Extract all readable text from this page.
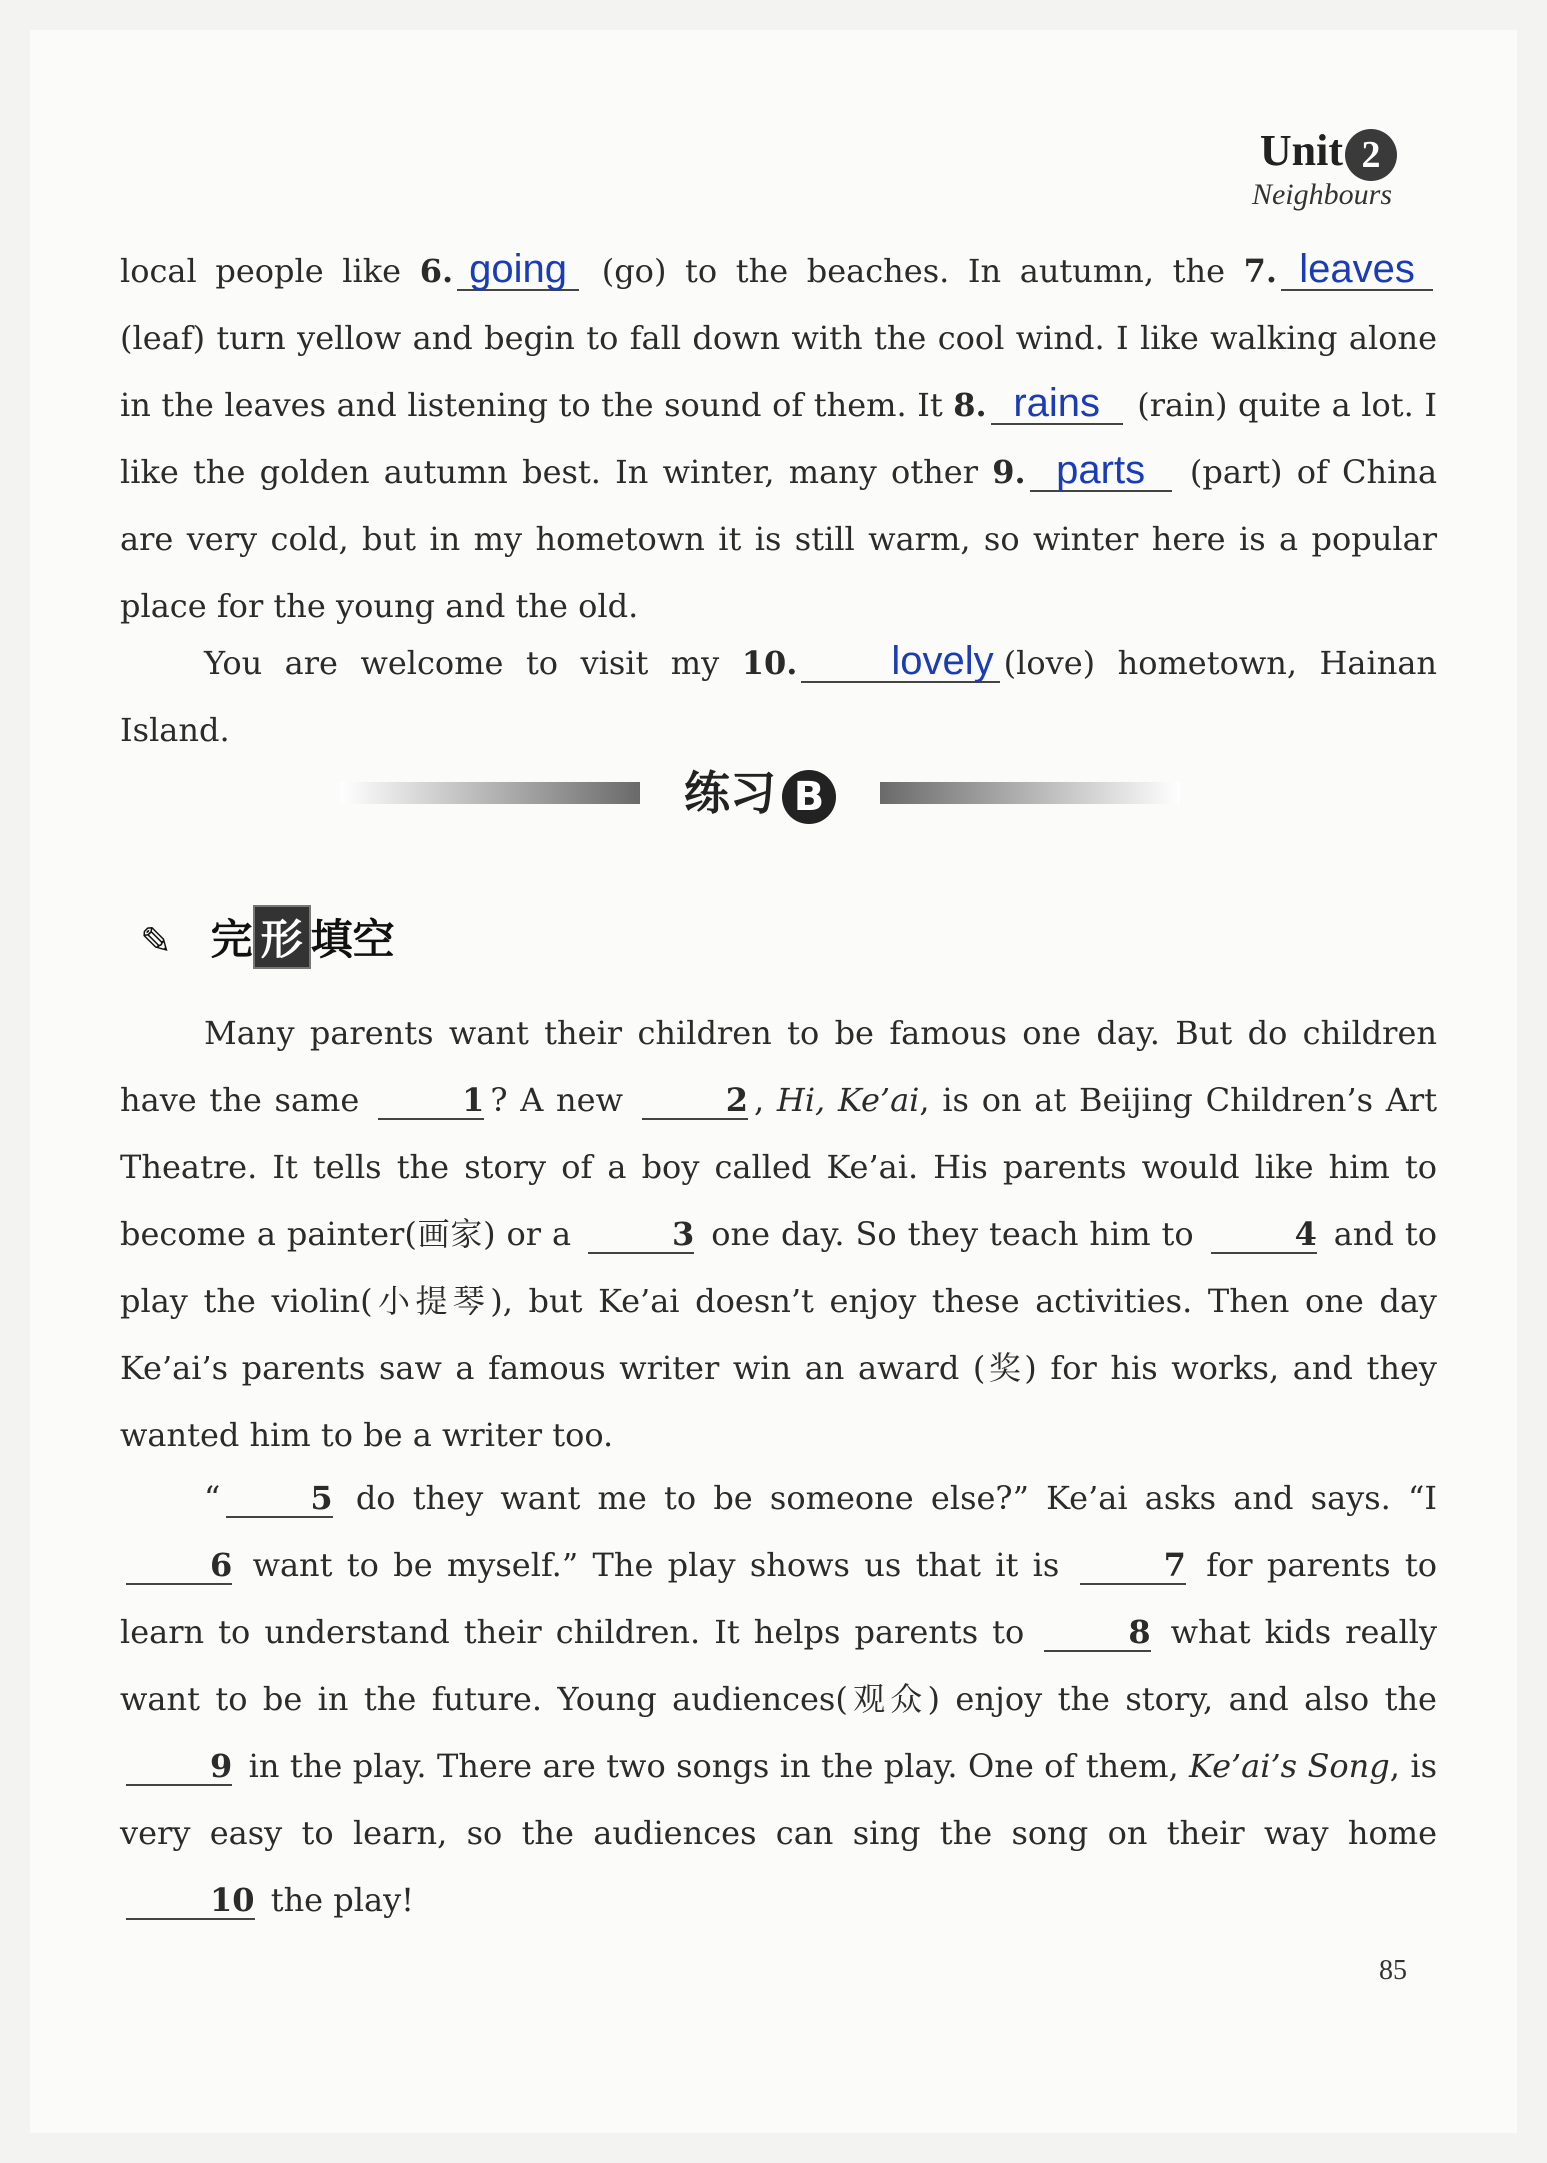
Unit 2
Neighbours
local people like 6. going (go) to the beaches. In autumn, the 7. leaves (leaf) turn yellow and begin to fall down with the cool wind. I like walking alone in the leaves and listening to the sound of them. It 8. rains (rain) quite a lot. I like the golden autumn best. In winter, many other 9. parts (part) of China are very cold, but in my hometown it is still warm, so winter here is a popular place for the young and the old.
You are welcome to visit my 10. lovely (love) hometown, Hainan Island.
练习 B
✎ 完 形 填空
Many parents want their children to be famous one day. But do children have the same	1 ? A new	2 , Hi, Ke’ai, is on at Beijing Children’s Art Theatre. It tells the story of a boy called Ke’ai. His parents would like him to become a painter(画家) or a	3 one day. So they teach him to	4 and to play the violin(小提琴), but Ke’ai doesn’t enjoy these activities. Then one day Ke’ai’s parents saw a famous writer win an award (奖) for his works, and they wanted him to be a writer too.
“	5 do they want me to be someone else?” Ke’ai asks and says. “I 6 want to be myself.” The play shows us that it is	7 for parents to learn to understand their children. It helps parents to	8 what kids really want to be in the future. Young audiences(观众) enjoy the story, and also the 9 in the play. There are two songs in the play. One of them, Ke’ai’s Song, is very easy to learn, so the audiences can sing the song on their way home 10 the play!
85
